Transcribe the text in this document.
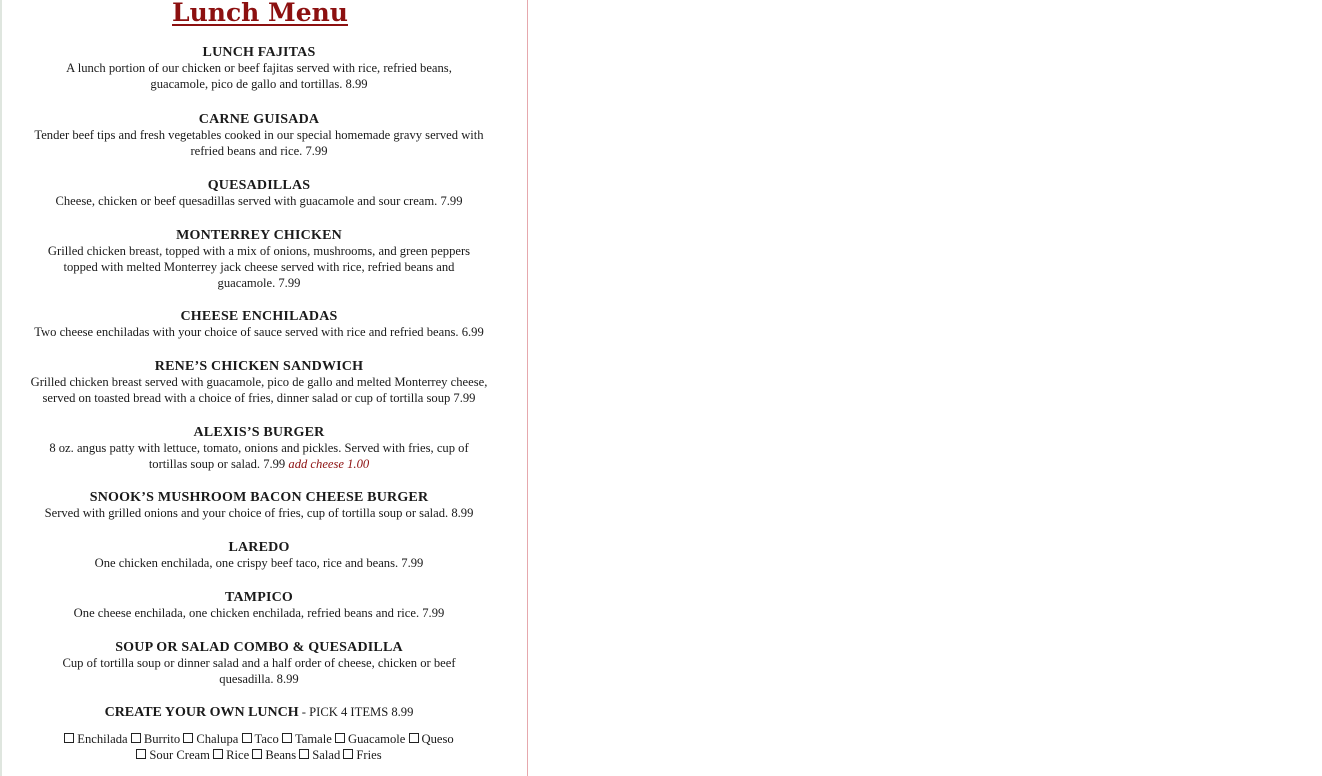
Lunch Menu
LUNCH FAJITAS
A lunch portion of our chicken or beef fajitas served with rice, refried beans, guacamole, pico de gallo and tortillas. 8.99
CARNE GUISADA
Tender beef tips and fresh vegetables cooked in our special homemade gravy served with refried beans and rice. 7.99
QUESADILLAS
Cheese, chicken or beef quesadillas served with guacamole and sour cream. 7.99
MONTERREY CHICKEN
Grilled chicken breast, topped with a mix of onions, mushrooms, and green peppers topped with melted Monterrey jack cheese served with rice, refried beans and guacamole. 7.99
CHEESE ENCHILADAS
Two cheese enchiladas with your choice of sauce served with rice and refried beans. 6.99
RENE’S CHICKEN SANDWICH
Grilled chicken breast served with guacamole, pico de gallo and melted Monterrey cheese, served on toasted bread with a choice of fries, dinner salad or cup of tortilla soup 7.99
ALEXIS’S BURGER
8 oz. angus patty with lettuce, tomato, onions and pickles. Served with fries, cup of tortillas soup or salad. 7.99 add cheese 1.00
SNOOK’S MUSHROOM BACON CHEESE BURGER
Served with grilled onions and your choice of fries, cup of tortilla soup or salad. 8.99
LAREDO
One chicken enchilada, one crispy beef taco, rice and beans. 7.99
TAMPICO
One cheese enchilada, one chicken enchilada, refried beans and rice. 7.99
SOUP OR SALAD COMBO & QUESADILLA
Cup of tortilla soup or dinner salad and a half order of cheese, chicken or beef quesadilla. 8.99
CREATE YOUR OWN LUNCH - PICK 4 ITEMS 8.99
Enchilada Burrito Chalupa Taco Tamale Guacamole Queso
Sour Cream Rice Beans Salad Fries
